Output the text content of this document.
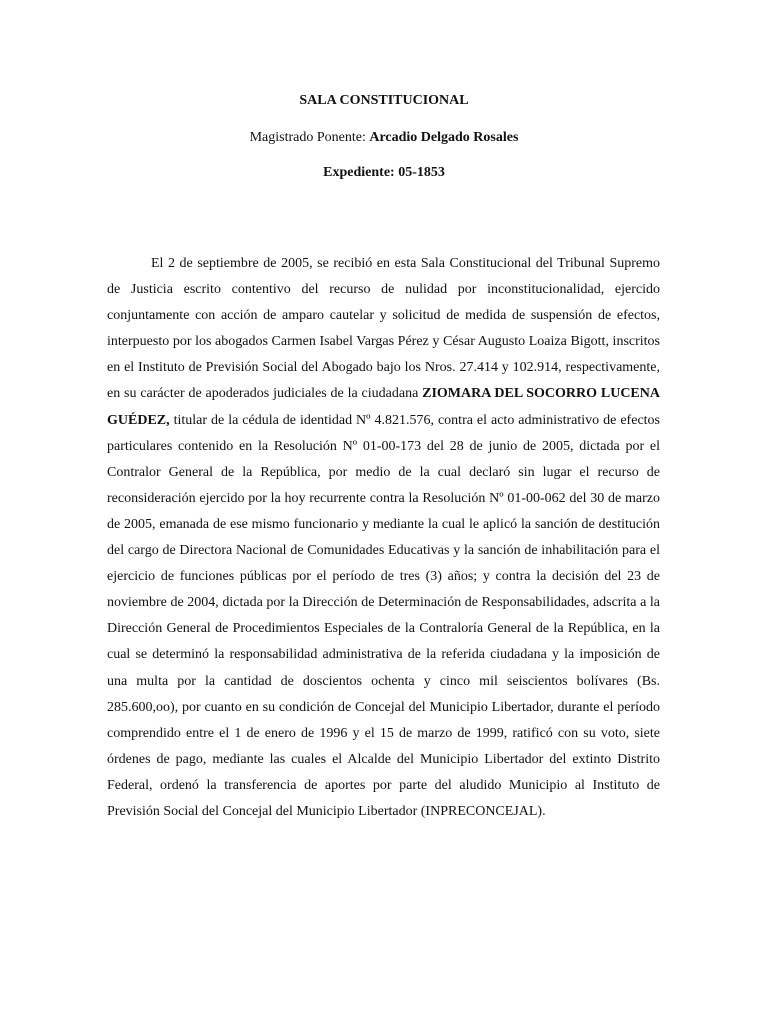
SALA CONSTITUCIONAL
Magistrado Ponente: Arcadio Delgado Rosales
Expediente: 05-1853

El 2 de septiembre de 2005, se recibió en esta Sala Constitucional del Tribunal Supremo de Justicia escrito contentivo del recurso de nulidad por inconstitucionalidad, ejercido conjuntamente con acción de amparo cautelar y solicitud de medida de suspensión de efectos, interpuesto por los abogados Carmen Isabel Vargas Pérez y César Augusto Loaiza Bigott, inscritos en el Instituto de Previsión Social del Abogado bajo los Nros. 27.414 y 102.914, respectivamente, en su carácter de apoderados judiciales de la ciudadana ZIOMARA DEL SOCORRO LUCENA GUÉDEZ, titular de la cédula de identidad Nº 4.821.576, contra el acto administrativo de efectos particulares contenido en la Resolución Nº 01-00-173 del 28 de junio de 2005, dictada por el Contralor General de la República, por medio de la cual declaró sin lugar el recurso de reconsideración ejercido por la hoy recurrente contra la Resolución Nº 01-00-062 del 30 de marzo de 2005, emanada de ese mismo funcionario y mediante la cual le aplicó la sanción de destitución del cargo de Directora Nacional de Comunidades Educativas y la sanción de inhabilitación para el ejercicio de funciones públicas por el período de tres (3) años; y contra la decisión del 23 de noviembre de 2004, dictada por la Dirección de Determinación de Responsabilidades, adscrita a la Dirección General de Procedimientos Especiales de la Contraloría General de la República, en la cual se determinó la responsabilidad administrativa de la referida ciudadana y la imposición de una multa por la cantidad de doscientos ochenta y cinco mil seiscientos bolívares (Bs. 285.600,oo), por cuanto en su condición de Concejal del Municipio Libertador, durante el período comprendido entre el 1 de enero de 1996 y el 15 de marzo de 1999, ratificó con su voto, siete órdenes de pago, mediante las cuales el Alcalde del Municipio Libertador del extinto Distrito Federal, ordenó la transferencia de aportes por parte del aludido Municipio al Instituto de Previsión Social del Concejal del Municipio Libertador (INPRECONCEJAL).
